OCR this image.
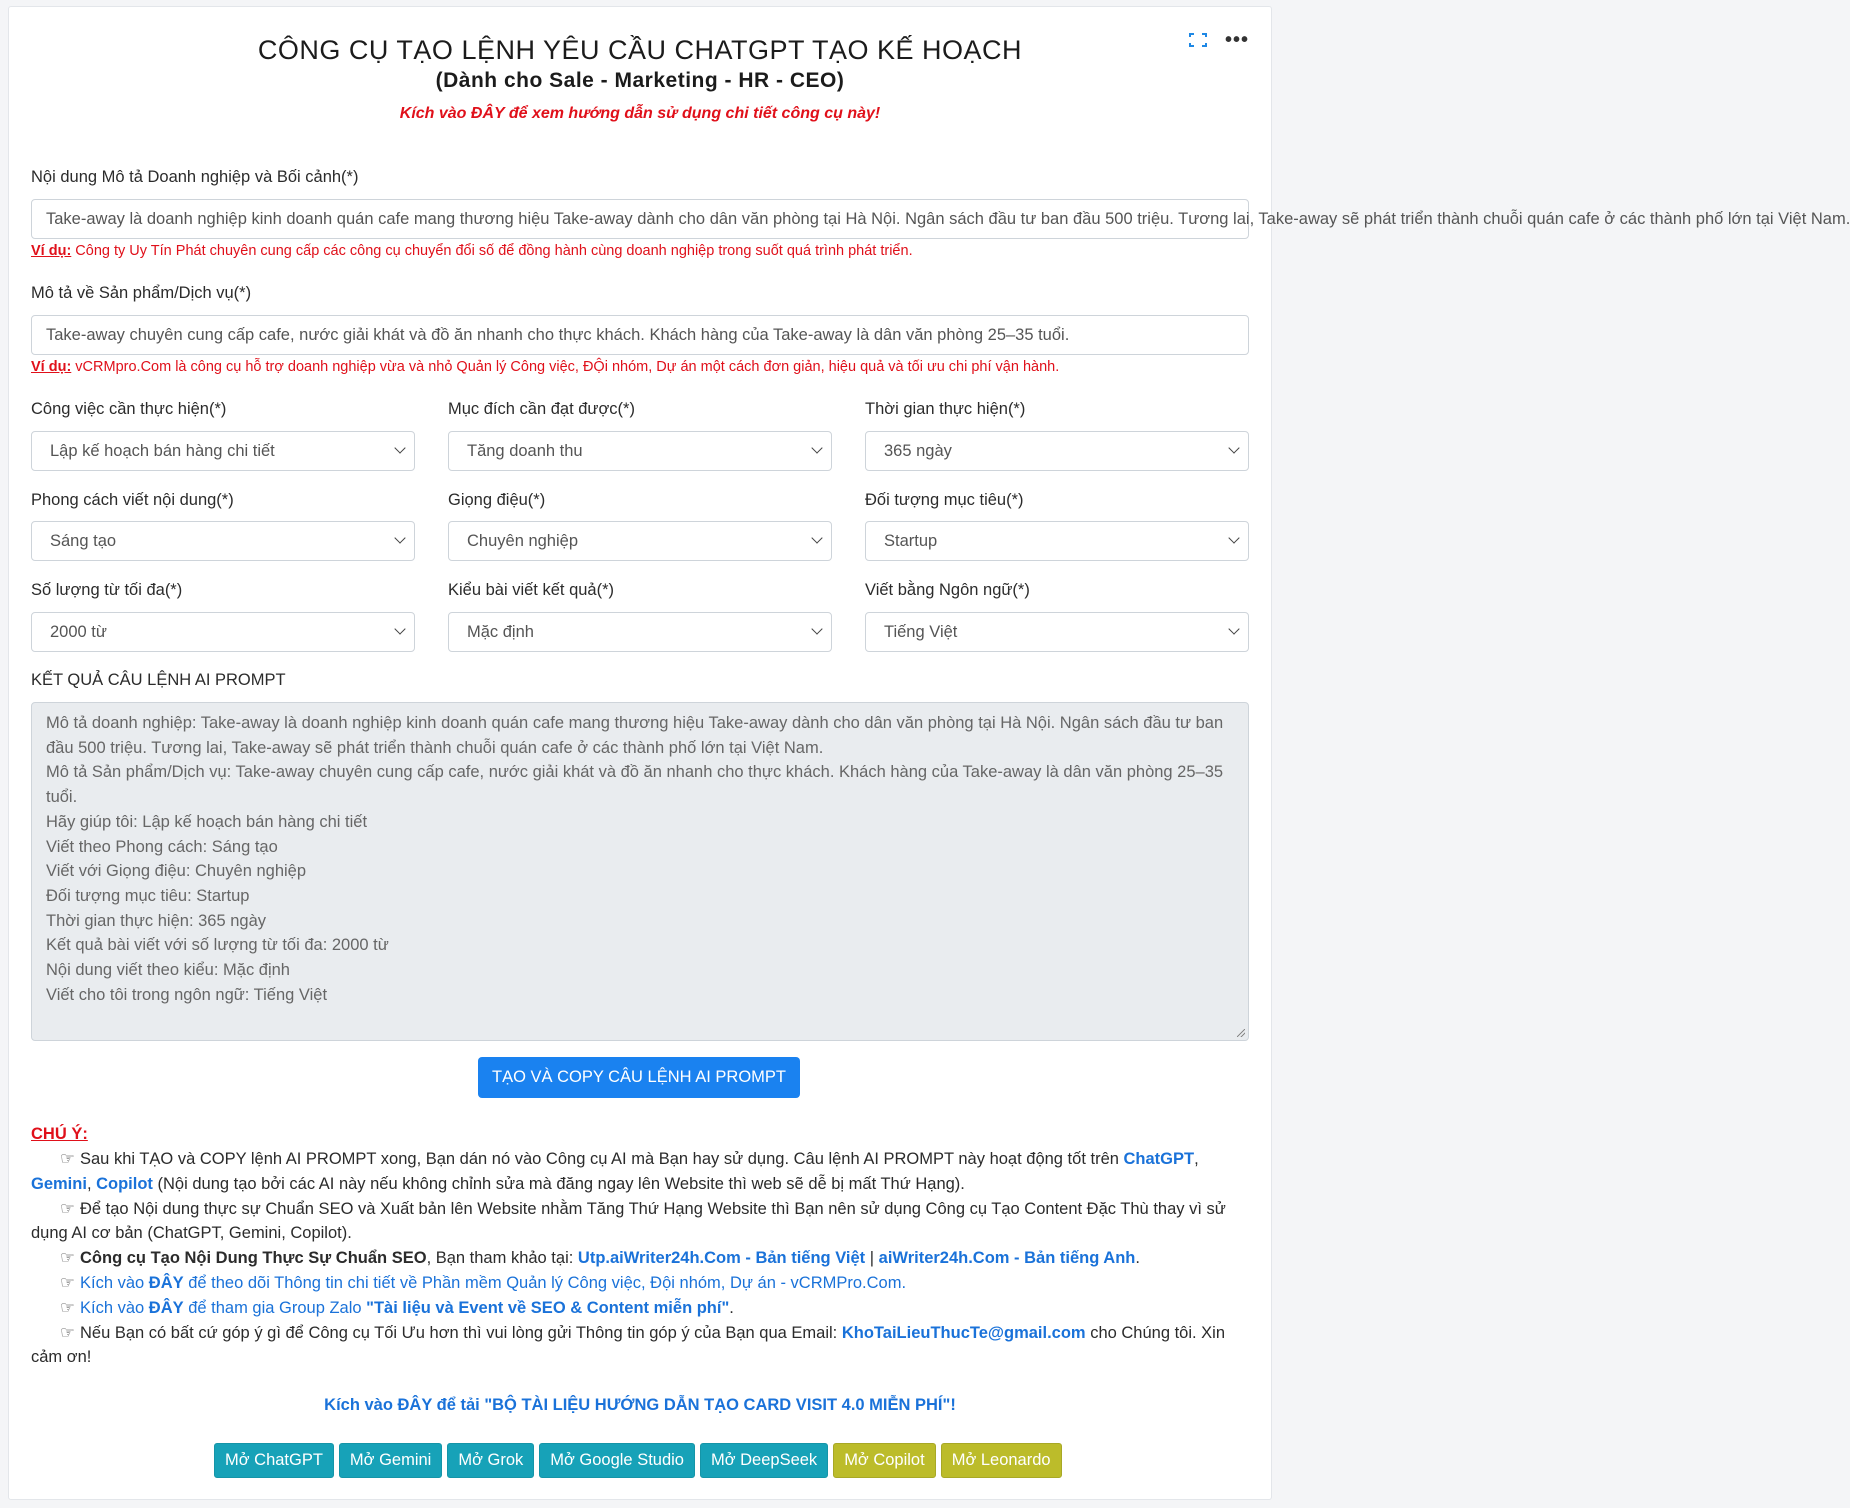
•••
CÔNG CỤ TẠO LỆNH YÊU CẦU CHATGPT TẠO KẾ HOẠCH
(Dành cho Sale - Marketing - HR - CEO)
Kích vào ĐÂY để xem hướng dẫn sử dụng chi tiết công cụ này!
Nội dung Mô tả Doanh nghiệp và Bối cảnh(*)
Take-away là doanh nghiệp kinh doanh quán cafe mang thương hiệu Take-away dành cho dân văn phòng tại Hà Nội. Ngân sách đầu tư ban đầu 500 triệu. Tương lai, Take-away sẽ phát triển thành chuỗi quán cafe ở các thành phố lớn tại Việt Nam.
Ví dụ: Công ty Uy Tín Phát chuyên cung cấp các công cụ chuyển đổi số để đồng hành cùng doanh nghiệp trong suốt quá trình phát triển.
Mô tả về Sản phẩm/Dịch vụ(*)
Take-away chuyên cung cấp cafe, nước giải khát và đồ ăn nhanh cho thực khách. Khách hàng của Take-away là dân văn phòng 25–35 tuổi.
Ví dụ: vCRMpro.Com là công cụ hỗ trợ doanh nghiệp vừa và nhỏ Quản lý Công việc, ĐỘi nhóm, Dự án một cách đơn giản, hiệu quả và tối ưu chi phí vận hành.
Công việc cần thực hiện(*)
Lập kế hoạch bán hàng chi tiết
Mục đích cần đạt được(*)
Tăng doanh thu
Thời gian thực hiện(*)
365 ngày
Phong cách viết nội dung(*)
Sáng tạo
Giọng điệu(*)
Chuyên nghiệp
Đối tượng mục tiêu(*)
Startup
Số lượng từ tối đa(*)
2000 từ
Kiểu bài viết kết quả(*)
Mặc định
Viết bằng Ngôn ngữ(*)
Tiếng Việt
KẾT QUẢ CÂU LỆNH AI PROMPT
Mô tả doanh nghiệp: Take-away là doanh nghiệp kinh doanh quán cafe mang thương hiệu Take-away dành cho dân văn phòng tại Hà Nội. Ngân sách đầu tư ban đầu 500 triệu. Tương lai, Take-away sẽ phát triển thành chuỗi quán cafe ở các thành phố lớn tại Việt Nam.
Mô tả Sản phẩm/Dịch vụ: Take-away chuyên cung cấp cafe, nước giải khát và đồ ăn nhanh cho thực khách. Khách hàng của Take-away là dân văn phòng 25–35 tuổi.
Hãy giúp tôi: Lập kế hoạch bán hàng chi tiết
Viết theo Phong cách: Sáng tạo
Viết với Giọng điệu: Chuyên nghiệp
Đối tượng mục tiêu: Startup
Thời gian thực hiện: 365 ngày
Kết quả bài viết với số lượng từ tối đa: 2000 từ
Nội dung viết theo kiểu: Mặc định
Viết cho tôi trong ngôn ngữ: Tiếng Việt
TẠO VÀ COPY CÂU LỆNH AI PROMPT
CHÚ Ý:

☞ Sau khi TẠO và COPY lệnh AI PROMPT xong, Bạn dán nó vào Công cụ AI mà Bạn hay sử dụng. Câu lệnh AI PROMPT này hoạt động tốt trên ChatGPT, Gemini, Copilot (Nội dung tạo bởi các AI này nếu không chỉnh sửa mà đăng ngay lên Website thì web sẽ dễ bị mất Thứ Hạng).

☞ Để tạo Nội dung thực sự Chuẩn SEO và Xuất bản lên Website nhằm Tăng Thứ Hạng Website thì Bạn nên sử dụng Công cụ Tạo Content Đặc Thù thay vì sử dụng AI cơ bản (ChatGPT, Gemini, Copilot).

☞ Công cụ Tạo Nội Dung Thực Sự Chuẩn SEO, Bạn tham khảo tại: Utp.aiWriter24h.Com - Bản tiếng Việt | aiWriter24h.Com - Bản tiếng Anh.

☞ Kích vào ĐÂY để theo dõi Thông tin chi tiết về Phần mềm Quản lý Công việc, Đội nhóm, Dự án - vCRMPro.Com.

☞ Kích vào ĐÂY để tham gia Group Zalo "Tài liệu và Event về SEO & Content miễn phí".

☞ Nếu Bạn có bất cứ góp ý gì để Công cụ Tối Ưu hơn thì vui lòng gửi Thông tin góp ý của Bạn qua Email: KhoTaiLieuThucTe@gmail.com cho Chúng tôi. Xin cảm ơn!

Kích vào ĐÂY để tải "BỘ TÀI LIỆU HƯỚNG DẪN TẠO CARD VISIT 4.0 MIỄN PHÍ"!
Mở ChatGPT	Mở Gemini	Mở Grok	Mở Google Studio	Mở DeepSeek	Mở Copilot	Mở Leonardo
